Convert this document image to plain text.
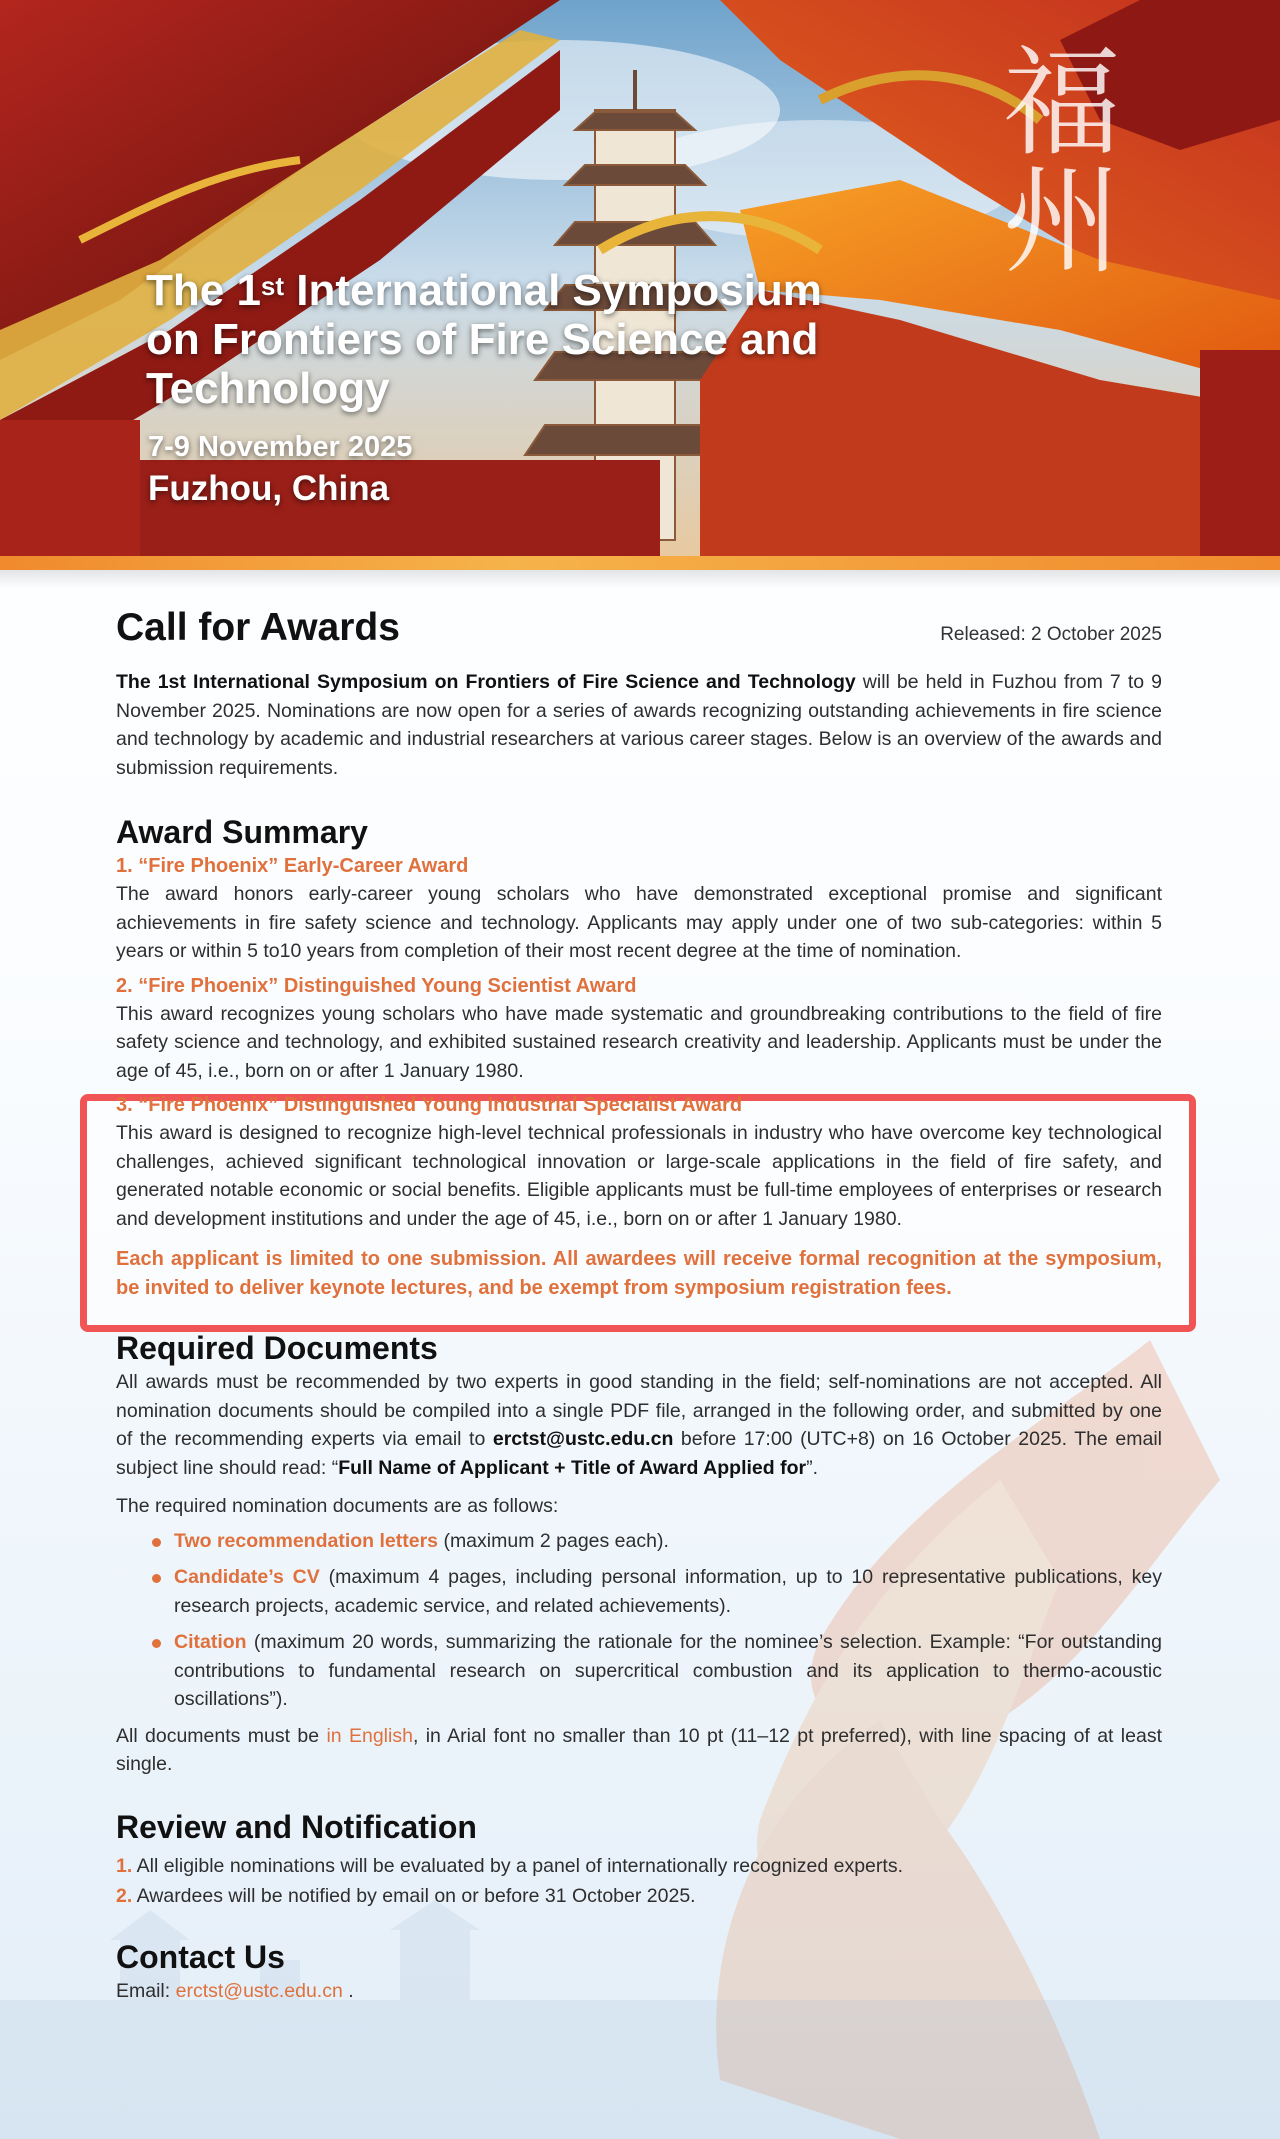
福州
The 1st International Symposium on Frontiers of Fire Science and Technology
7-9 November 2025
Fuzhou, China
Call for Awards	Released: 2 October 2025

The 1st International Symposium on Frontiers of Fire Science and Technology will be held in Fuzhou from 7 to 9 November 2025. Nominations are now open for a series of awards recognizing outstanding achievements in fire science and technology by academic and industrial researchers at various career stages. Below is an overview of the awards and submission requirements.

Award Summary
1. “Fire Phoenix” Early-Career Award

The award honors early-career young scholars who have demonstrated exceptional promise and significant achievements in fire safety science and technology. Applicants may apply under one of two sub-categories: within 5 years or within 5 to10 years from completion of their most recent degree at the time of nomination.

2. “Fire Phoenix” Distinguished Young Scientist Award

This award recognizes young scholars who have made systematic and groundbreaking contributions to the field of fire safety science and technology, and exhibited sustained research creativity and leadership. Applicants must be under the age of 45, i.e., born on or after 1 January 1980.

3. “Fire Phoenix” Distinguished Young Industrial Specialist Award

This award is designed to recognize high-level technical professionals in industry who have overcome key technological challenges, achieved significant technological innovation or large-scale applications in the field of fire safety, and generated notable economic or social benefits. Eligible applicants must be full-time employees of enterprises or research and development institutions and under the age of 45, i.e., born on or after 1 January 1980.

Each applicant is limited to one submission. All awardees will receive formal recognition at the symposium, be invited to deliver keynote lectures, and be exempt from symposium registration fees.

Required Documents

All awards must be recommended by two experts in good standing in the field; self-nominations are not accepted. All nomination documents should be compiled into a single PDF file, arranged in the following order, and submitted by one of the recommending experts via email to erctst@ustc.edu.cn before 17:00 (UTC+8) on 16 October 2025. The email subject line should read: “Full Name of Applicant + Title of Award Applied for”.

The required nomination documents are as follows:

Two recommendation letters (maximum 2 pages each).
Candidate’s CV (maximum 4 pages, including personal information, up to 10 representative publications, key research projects, academic service, and related achievements).
Citation (maximum 20 words, summarizing the rationale for the nominee’s selection. Example: “For outstanding contributions to fundamental research on supercritical combustion and its application to thermo-acoustic oscillations”).

All documents must be in English, in Arial font no smaller than 10 pt (11–12 pt preferred), with line spacing of at least single.

Review and Notification
1. All eligible nominations will be evaluated by a panel of internationally recognized experts.
2. Awardees will be notified by email on or before 31 October 2025.
Contact Us

Email: erctst@ustc.edu.cn .
